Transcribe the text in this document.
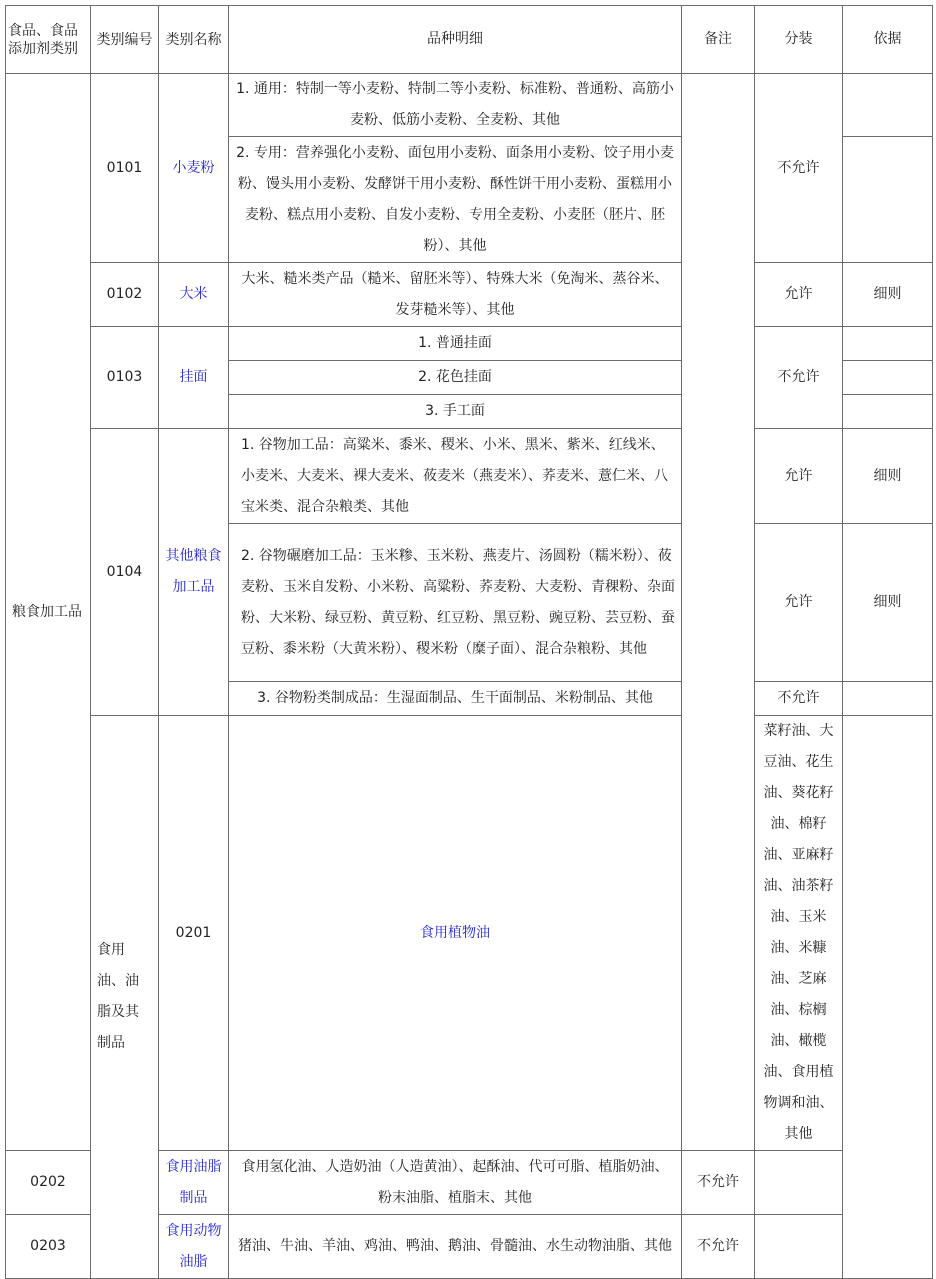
食品、食品添加剂类别	类别编号	类别名称	品种明细	备注	分装	依据	
粮食加工品	0101	小麦粉	1. 通用：特制一等小麦粉、特制二等小麦粉、标准粉、普通粉、高筋小麦粉、低筋小麦粉、全麦粉、其他		不允许		
			2. 专用：营养强化小麦粉、面包用小麦粉、面条用小麦粉、饺子用小麦粉、馒头用小麦粉、发酵饼干用小麦粉、酥性饼干用小麦粉、蛋糕用小麦粉、糕点用小麦粉、自发小麦粉、专用全麦粉、小麦胚（胚片、胚粉）、其他				
	0102	大米	大米、糙米类产品（糙米、留胚米等）、特殊大米（免淘米、蒸谷米、发芽糙米等）、其他		允许	细则	
	0103	挂面	1. 普通挂面		不允许		
			2. 花色挂面				
			3. 手工面				
	0104	其他粮食加工品	1. 谷物加工品：高粱米、黍米、稷米、小米、黑米、紫米、红线米、小麦米、大麦米、裸大麦米、莜麦米（燕麦米）、荞麦米、薏仁米、八宝米类、混合杂粮类、其他		允许	细则	
			2. 谷物碾磨加工品：玉米糁、玉米粉、燕麦片、汤圆粉（糯米粉）、莜麦粉、玉米自发粉、小米粉、高粱粉、荞麦粉、大麦粉、青稞粉、杂面粉、大米粉、绿豆粉、黄豆粉、红豆粉、黑豆粉、豌豆粉、芸豆粉、蚕豆粉、黍米粉（大黄米粉）、稷米粉（糜子面）、混合杂粮粉、其他		允许	细则	
			3. 谷物粉类制成品：生湿面制品、生干面制品、米粉制品、其他		不允许		
	食用油、油脂及其制品	0201	食用植物油		菜籽油、大豆油、花生油、葵花籽油、棉籽油、亚麻籽油、油茶籽油、玉米油、米糠油、芝麻油、棕榈油、橄榄油、食用植物调和油、其他			
0202		食用油脂制品	食用氢化油、人造奶油（人造黄油）、起酥油、代可可脂、植脂奶油、粉末油脂、植脂末、其他	不允许			
0203		食用动物油脂	猪油、牛油、羊油、鸡油、鸭油、鹅油、骨髓油、水生动物油脂、其他	不允许			
